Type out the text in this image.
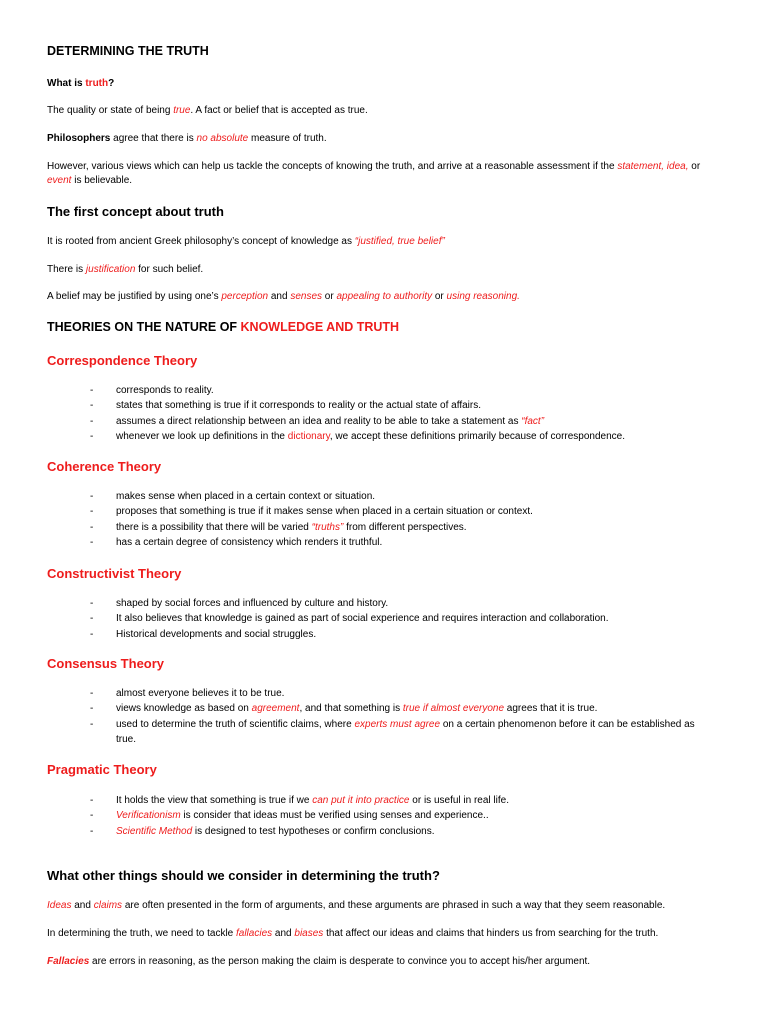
DETERMINING THE TRUTH
What is truth?
The quality or state of being true. A fact or belief that is accepted as true.
Philosophers agree that there is no absolute measure of truth.
However, various views which can help us tackle the concepts of knowing the truth, and arrive at a reasonable assessment if the statement, idea, or event is believable.
The first concept about truth
It is rooted from ancient Greek philosophy’s concept of knowledge as “justified, true belief”
There is justification for such belief.
A belief may be justified by using one’s perception and senses or appealing to authority or using reasoning.
THEORIES ON THE NATURE OF KNOWLEDGE AND TRUTH
Correspondence Theory
- corresponds to reality.
- states that something is true if it corresponds to reality or the actual state of affairs.
- assumes a direct relationship between an idea and reality to be able to take a statement as “fact”
- whenever we look up definitions in the dictionary, we accept these definitions primarily because of correspondence.
Coherence Theory
- makes sense when placed in a certain context or situation.
- proposes that something is true if it makes sense when placed in a certain situation or context.
- there is a possibility that there will be varied “truths” from different perspectives.
- has a certain degree of consistency which renders it truthful.
Constructivist Theory
- shaped by social forces and influenced by culture and history.
- It also believes that knowledge is gained as part of social experience and requires interaction and collaboration.
- Historical developments and social struggles.
Consensus Theory
- almost everyone believes it to be true.
- views knowledge as based on agreement, and that something is true if almost everyone agrees that it is true.
- used to determine the truth of scientific claims, where experts must agree on a certain phenomenon before it can be established as true.
Pragmatic Theory
- It holds the view that something is true if we can put it into practice or is useful in real life.
- Verificationism is consider that ideas must be verified using senses and experience..
- Scientific Method is designed to test hypotheses or confirm conclusions.
What other things should we consider in determining the truth?
Ideas and claims are often presented in the form of arguments, and these arguments are phrased in such a way that they seem reasonable.
In determining the truth, we need to tackle fallacies and biases that affect our ideas and claims that hinders us from searching for the truth.
Fallacies are errors in reasoning, as the person making the claim is desperate to convince you to accept his/her argument.
